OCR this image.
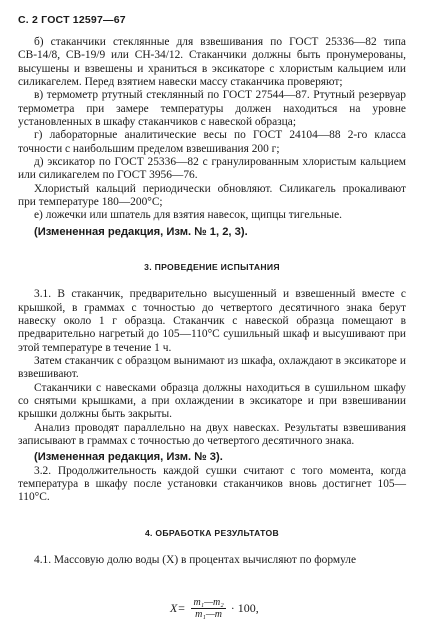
С. 2 ГОСТ 12597—67

б) стаканчики стеклянные для взвешивания по ГОСТ 25336—82 типа СВ-14/8, СВ-19/9 или СН-34/12. Стаканчики должны быть пронумерованы, высушены и взвешены и храниться в эксикаторе с хлористым кальцием или силикагелем. Перед взятием навески массу стаканчика проверяют;

в) термометр ртутный стеклянный по ГОСТ 27544—87. Ртутный резервуар термометра при замере температуры должен находиться на уровне установленных в шкафу стаканчиков с навеской образца;

г) лабораторные аналитические весы по ГОСТ 24104—88 2-го класса точности с наибольшим пределом взвешивания 200 г;

д) эксикатор по ГОСТ 25336—82 с гранулированным хлористым кальцием или силикагелем по ГОСТ 3956—76.

Хлористый кальций периодически обновляют. Силикагель прокаливают при температуре 180—200°С;

е) ложечки или шпатель для взятия навесок, щипцы тигельные.

(Измененная редакция, Изм. № 1, 2, 3).

3. ПРОВЕДЕНИЕ ИСПЫТАНИЯ

3.1. В стаканчик, предварительно высушенный и взвешенный вместе с крышкой, в граммах с точностью до четвертого десятичного знака берут навеску около 1 г образца. Стаканчик с навеской образца помещают в предварительно нагретый до 105—110°С сушильный шкаф и высушивают при этой температуре в течение 1 ч.

Затем стаканчик с образцом вынимают из шкафа, охлаждают в эксикаторе и взвешивают.

Стаканчики с навесками образца должны находиться в сушильном шкафу со снятыми крышками, а при охлаждении в эксикаторе и при взвешивании крышки должны быть закрыты.

Анализ проводят параллельно на двух навесках. Результаты взвешивания записывают в граммах с точностью до четвертого десятичного знака.

(Измененная редакция, Изм. № 3).

3.2. Продолжительность каждой сушки считают с того момента, когда температура в шкафу после установки стаканчиков вновь достигнет 105—110°С.

4. ОБРАБОТКА РЕЗУЛЬТАТОВ

4.1. Массовую долю воды (X) в процентах вычисляют по формуле

$X= \frac{\text{m₁—m₂}}{\text{m₁—m}} \cdot 100$,
